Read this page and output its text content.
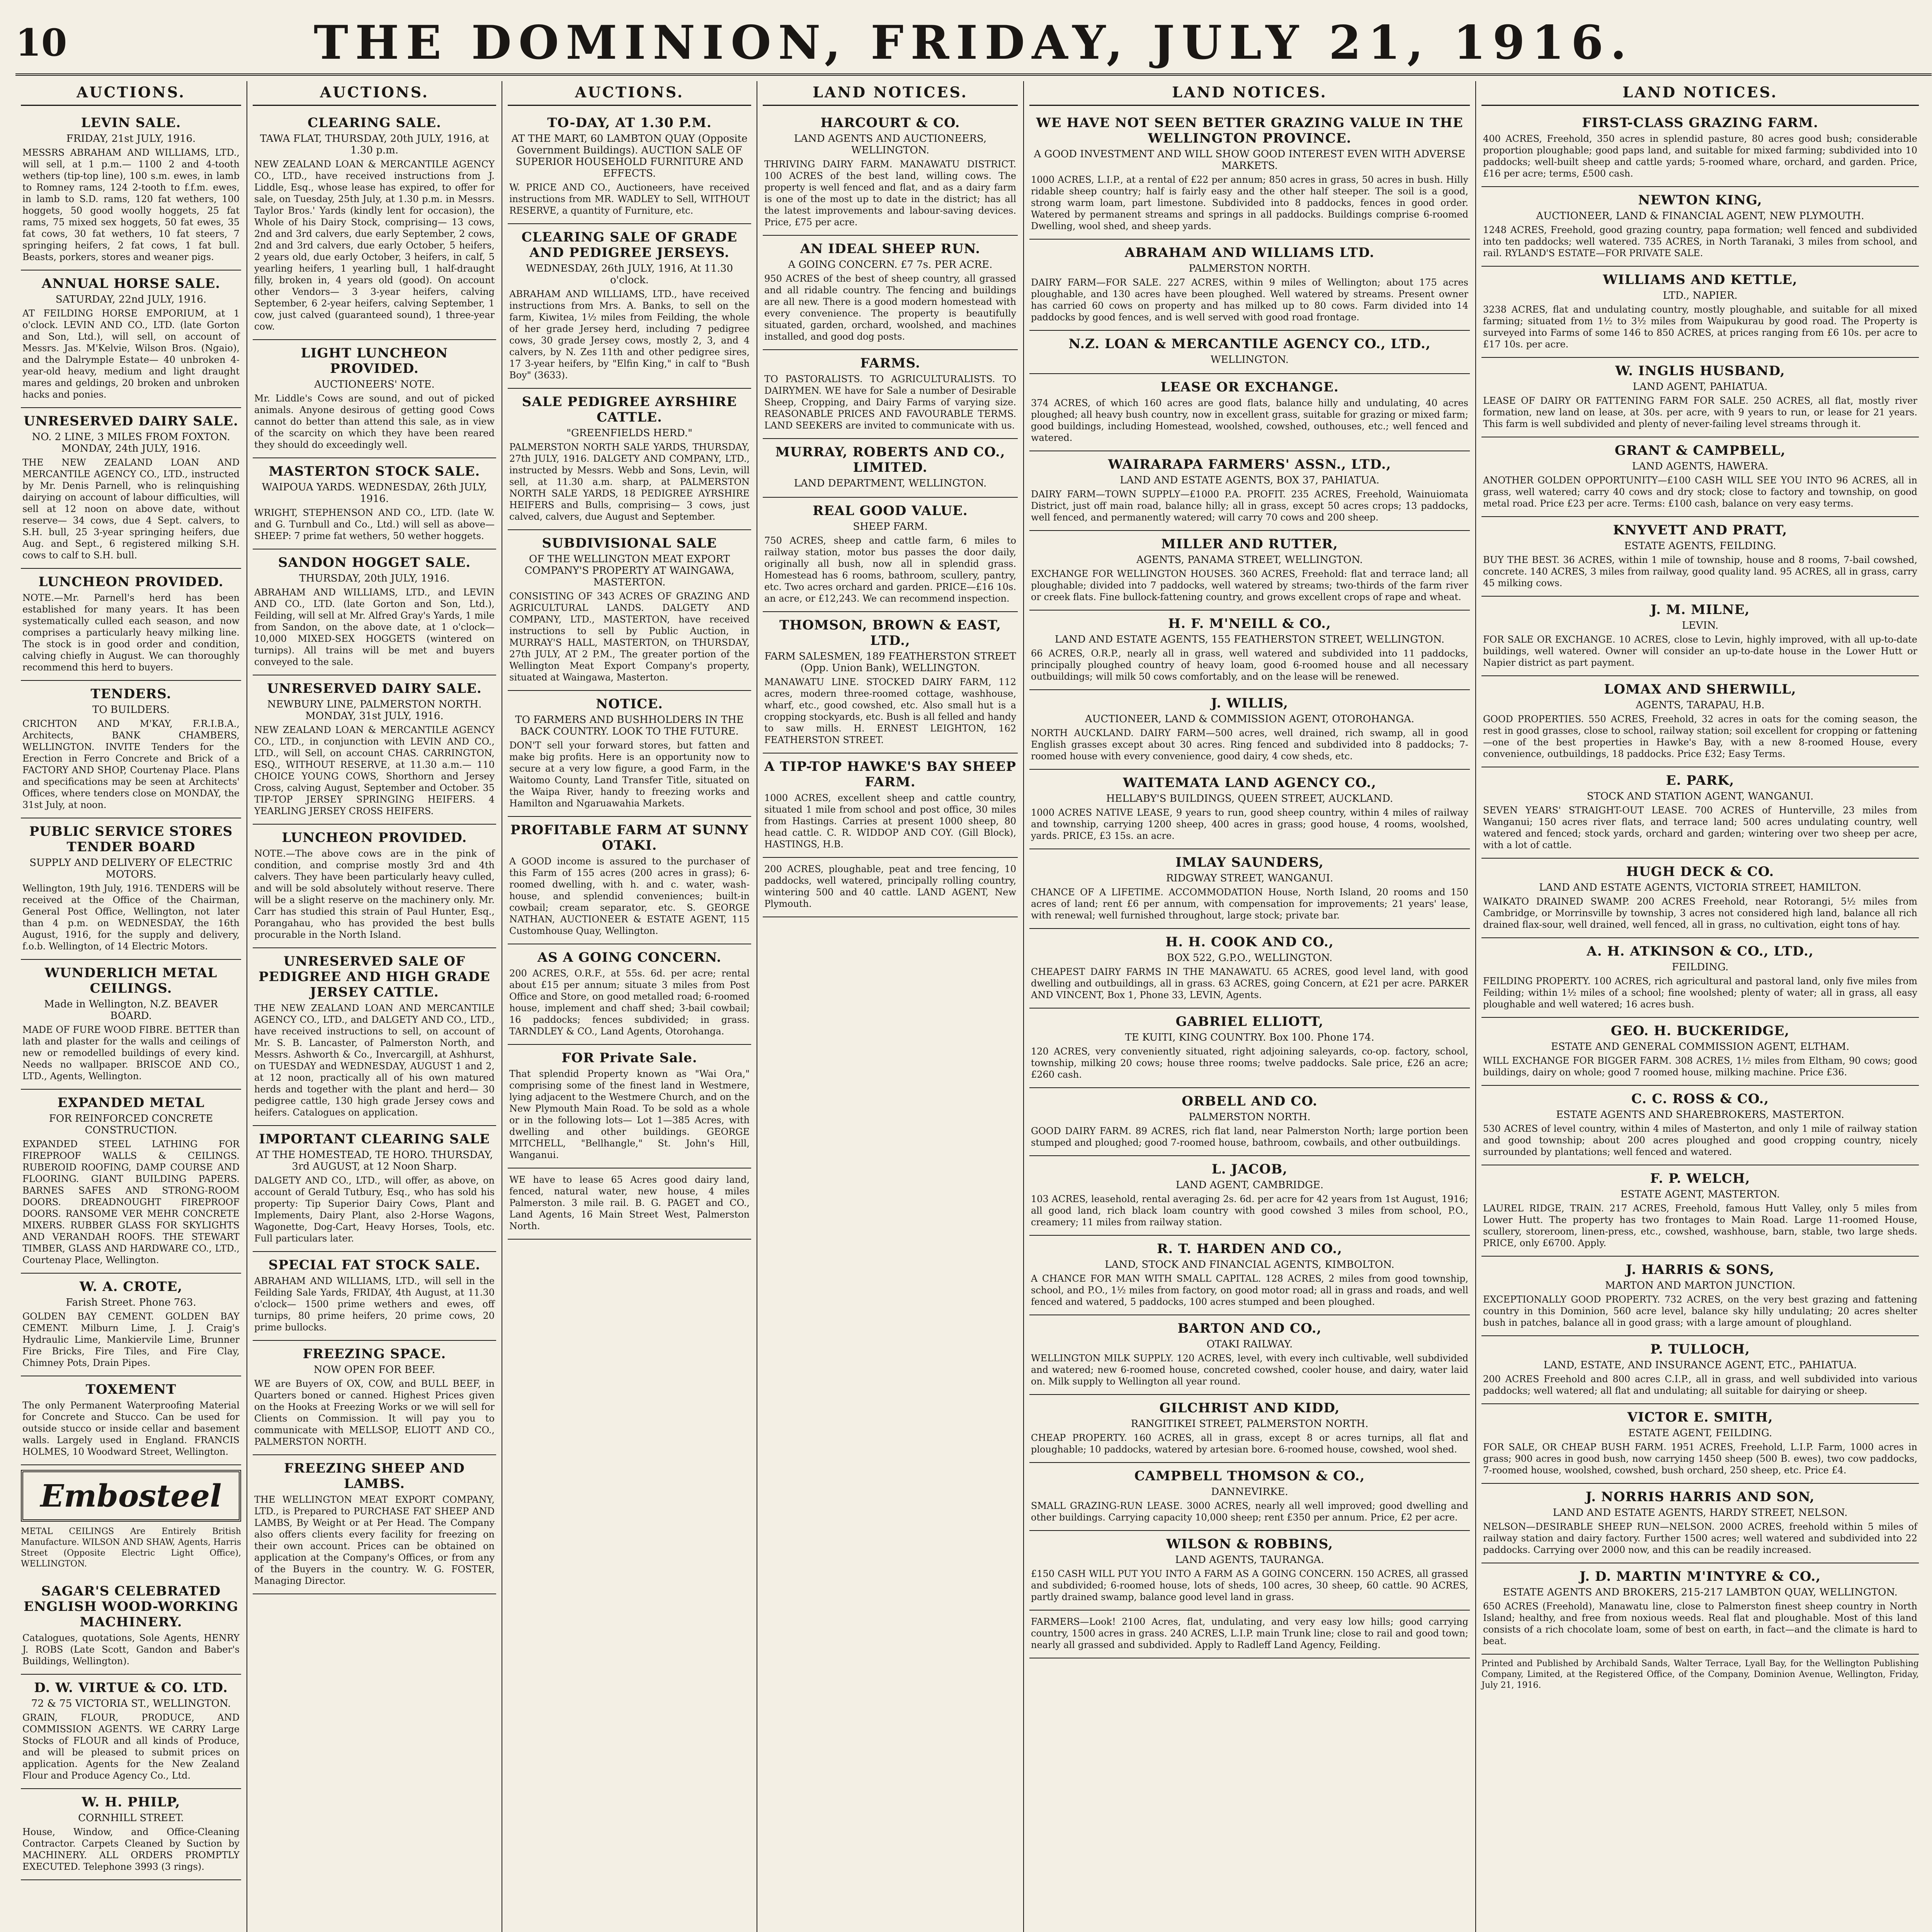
10	THE DOMINION, FRIDAY, JULY 21, 1916.
AUCTIONS.
LEVIN SALE.
FRIDAY, 21st JULY, 1916.

MESSRS ABRAHAM AND WILLIAMS, LTD., will sell, at 1 p.m.— 1100 2 and 4-tooth wethers (tip-top line), 100 s.m. ewes, in lamb to Romney rams, 124 2-tooth to f.f.m. ewes, in lamb to S.D. rams, 120 fat wethers, 100 hoggets, 50 good woolly hoggets, 25 fat rams, 75 mixed sex hoggets, 50 fat ewes, 35 fat cows, 30 fat wethers, 10 fat steers, 7 springing heifers, 2 fat cows, 1 fat bull. Beasts, porkers, stores and weaner pigs.

ANNUAL HORSE SALE.
SATURDAY, 22nd JULY, 1916.

AT FEILDING HORSE EMPORIUM, at 1 o'clock. LEVIN AND CO., LTD. (late Gorton and Son, Ltd.), will sell, on account of Messrs. Jas. M'Kelvie, Wilson Bros. (Ngaio), and the Dalrymple Estate— 40 unbroken 4-year-old heavy, medium and light draught mares and geldings, 20 broken and unbroken hacks and ponies.

UNRESERVED DAIRY SALE.
NO. 2 LINE, 3 MILES FROM FOXTON. MONDAY, 24th JULY, 1916.

THE NEW ZEALAND LOAN AND MERCANTILE AGENCY CO., LTD., instructed by Mr. Denis Parnell, who is relinquishing dairying on account of labour difficulties, will sell at 12 noon on above date, without reserve— 34 cows, due 4 Sept. calvers, to S.H. bull, 25 3-year springing heifers, due Aug. and Sept., 6 registered milking S.H. cows to calf to S.H. bull.

LUNCHEON PROVIDED.

NOTE.—Mr. Parnell's herd has been established for many years. It has been systematically culled each season, and now comprises a particularly heavy milking line. The stock is in good order and condition, calving chiefly in August. We can thoroughly recommend this herd to buyers.

TENDERS.
TO BUILDERS.

CRICHTON AND M'KAY, F.R.I.B.A., Architects, BANK CHAMBERS, WELLINGTON. INVITE Tenders for the Erection in Ferro Concrete and Brick of a FACTORY AND SHOP, Courtenay Place. Plans and specifications may be seen at Architects' Offices, where tenders close on MONDAY, the 31st July, at noon.

PUBLIC SERVICE STORES TENDER BOARD
SUPPLY AND DELIVERY OF ELECTRIC MOTORS.

Wellington, 19th July, 1916. TENDERS will be received at the Office of the Chairman, General Post Office, Wellington, not later than 4 p.m. on WEDNESDAY, the 16th August, 1916, for the supply and delivery, f.o.b. Wellington, of 14 Electric Motors.

WUNDERLICH METAL CEILINGS.
Made in Wellington, N.Z. BEAVER BOARD.

MADE OF FURE WOOD FIBRE. BETTER than lath and plaster for the walls and ceilings of new or remodelled buildings of every kind. Needs no wallpaper. BRISCOE AND CO., LTD., Agents, Wellington.

EXPANDED METAL
FOR REINFORCED CONCRETE CONSTRUCTION.

EXPANDED STEEL LATHING FOR FIREPROOF WALLS & CEILINGS. RUBEROID ROOFING, DAMP COURSE AND FLOORING. GIANT BUILDING PAPERS. BARNES SAFES AND STRONG-ROOM DOORS. DREADNOUGHT FIREPROOF DOORS. RANSOME VER MEHR CONCRETE MIXERS. RUBBER GLASS FOR SKYLIGHTS AND VERANDAH ROOFS. THE STEWART TIMBER, GLASS AND HARDWARE CO., LTD., Courtenay Place, Wellington.

W. A. CROTE,
Farish Street. Phone 763.

GOLDEN BAY CEMENT. GOLDEN BAY CEMENT. Milburn Lime, J. J. Craig's Hydraulic Lime, Mankiervile Lime, Brunner Fire Bricks, Fire Tiles, and Fire Clay, Chimney Pots, Drain Pipes.

TOXEMENT

The only Permanent Waterproofing Material for Concrete and Stucco. Can be used for outside stucco or inside cellar and basement walls. Largely used in England. FRANCIS HOLMES, 10 Woodward Street, Wellington.

Embosteel

METAL CEILINGS Are Entirely British Manufacture. WILSON AND SHAW, Agents, Harris Street (Opposite Electric Light Office), WELLINGTON.

SAGAR'S CELEBRATED ENGLISH WOOD-WORKING MACHINERY.

Catalogues, quotations, Sole Agents, HENRY J. ROBS (Late Scott, Gandon and Baber's Buildings, Wellington).

D. W. VIRTUE & CO. LTD.
72 & 75 VICTORIA ST., WELLINGTON.

GRAIN, FLOUR, PRODUCE, AND COMMISSION AGENTS. WE CARRY Large Stocks of FLOUR and all kinds of Produce, and will be pleased to submit prices on application. Agents for the New Zealand Flour and Produce Agency Co., Ltd.

W. H. PHILP,
CORNHILL STREET.

House, Window, and Office-Cleaning Contractor. Carpets Cleaned by Suction by MACHINERY. ALL ORDERS PROMPTLY EXECUTED. Telephone 3993 (3 rings).

AUCTIONS.
CLEARING SALE.
TAWA FLAT, THURSDAY, 20th JULY, 1916, at 1.30 p.m.

NEW ZEALAND LOAN & MERCANTILE AGENCY CO., LTD., have received instructions from J. Liddle, Esq., whose lease has expired, to offer for sale, on Tuesday, 25th July, at 1.30 p.m. in Messrs. Taylor Bros.' Yards (kindly lent for occasion), the Whole of his Dairy Stock, comprising— 13 cows, 2nd and 3rd calvers, due early September, 2 cows, 2nd and 3rd calvers, due early October, 5 heifers, 2 years old, due early October, 3 heifers, in calf, 5 yearling heifers, 1 yearling bull, 1 half-draught filly, broken in, 4 years old (good). On account other Vendors— 3 3-year heifers, calving September, 6 2-year heifers, calving September, 1 cow, just calved (guaranteed sound), 1 three-year cow.

LIGHT LUNCHEON PROVIDED.
AUCTIONEERS' NOTE.

Mr. Liddle's Cows are sound, and out of picked animals. Anyone desirous of getting good Cows cannot do better than attend this sale, as in view of the scarcity on which they have been reared they should do exceedingly well.

MASTERTON STOCK SALE.
WAIPOUA YARDS. WEDNESDAY, 26th JULY, 1916.

WRIGHT, STEPHENSON AND CO., LTD. (late W. and G. Turnbull and Co., Ltd.) will sell as above— SHEEP: 7 prime fat wethers, 50 wether hoggets.

SANDON HOGGET SALE.
THURSDAY, 20th JULY, 1916.

ABRAHAM AND WILLIAMS, LTD., and LEVIN AND CO., LTD. (late Gorton and Son, Ltd.), Feilding, will sell at Mr. Alfred Gray's Yards, 1 mile from Sandon, on the above date, at 1 o'clock— 10,000 MIXED-SEX HOGGETS (wintered on turnips). All trains will be met and buyers conveyed to the sale.

UNRESERVED DAIRY SALE.
NEWBURY LINE, PALMERSTON NORTH. MONDAY, 31st JULY, 1916.

NEW ZEALAND LOAN & MERCANTILE AGENCY CO., LTD., in conjunction with LEVIN AND CO., LTD., will Sell, on account CHAS. CARRINGTON, ESQ., WITHOUT RESERVE, at 11.30 a.m.— 110 CHOICE YOUNG COWS, Shorthorn and Jersey Cross, calving August, September and October. 35 TIP-TOP JERSEY SPRINGING HEIFERS. 4 YEARLING JERSEY CROSS HEIFERS.

LUNCHEON PROVIDED.

NOTE.—The above cows are in the pink of condition, and comprise mostly 3rd and 4th calvers. They have been particularly heavy culled, and will be sold absolutely without reserve. There will be a slight reserve on the machinery only. Mr. Carr has studied this strain of Paul Hunter, Esq., Porangahau, who has provided the best bulls procurable in the North Island.

UNRESERVED SALE OF PEDIGREE AND HIGH GRADE JERSEY CATTLE.

THE NEW ZEALAND LOAN AND MERCANTILE AGENCY CO., LTD., and DALGETY AND CO., LTD., have received instructions to sell, on account of Mr. S. B. Lancaster, of Palmerston North, and Messrs. Ashworth & Co., Invercargill, at Ashhurst, on TUESDAY and WEDNESDAY, AUGUST 1 and 2, at 12 noon, practically all of his own matured herds and together with the plant and herd— 30 pedigree cattle, 130 high grade Jersey cows and heifers. Catalogues on application.

IMPORTANT CLEARING SALE
AT THE HOMESTEAD, TE HORO. THURSDAY, 3rd AUGUST, at 12 Noon Sharp.

DALGETY AND CO., LTD., will offer, as above, on account of Gerald Tutbury, Esq., who has sold his property: Tip Superior Dairy Cows, Plant and Implements, Dairy Plant, also 2-Horse Wagons, Wagonette, Dog-Cart, Heavy Horses, Tools, etc. Full particulars later.

SPECIAL FAT STOCK SALE.

ABRAHAM AND WILLIAMS, LTD., will sell in the Feilding Sale Yards, FRIDAY, 4th August, at 11.30 o'clock— 1500 prime wethers and ewes, off turnips, 80 prime heifers, 20 prime cows, 20 prime bullocks.

FREEZING SPACE.
NOW OPEN FOR BEEF.

WE are Buyers of OX, COW, and BULL BEEF, in Quarters boned or canned. Highest Prices given on the Hooks at Freezing Works or we will sell for Clients on Commission. It will pay you to communicate with MELLSOP, ELIOTT AND CO., PALMERSTON NORTH.

FREEZING SHEEP AND LAMBS.

THE WELLINGTON MEAT EXPORT COMPANY, LTD., is Prepared to PURCHASE FAT SHEEP AND LAMBS, By Weight or at Per Head. The Company also offers clients every facility for freezing on their own account. Prices can be obtained on application at the Company's Offices, or from any of the Buyers in the country. W. G. FOSTER, Managing Director.

AUCTIONS.
TO-DAY, AT 1.30 P.M.
AT THE MART, 60 LAMBTON QUAY (Opposite Government Buildings). AUCTION SALE OF SUPERIOR HOUSEHOLD FURNITURE AND EFFECTS.

W. PRICE AND CO., Auctioneers, have received instructions from MR. WADLEY to Sell, WITHOUT RESERVE, a quantity of Furniture, etc.

CLEARING SALE OF GRADE AND PEDIGREE JERSEYS.
WEDNESDAY, 26th JULY, 1916, At 11.30 o'clock.

ABRAHAM AND WILLIAMS, LTD., have received instructions from Mrs. A. Banks, to sell on the farm, Kiwitea, 1½ miles from Feilding, the whole of her grade Jersey herd, including 7 pedigree cows, 30 grade Jersey cows, mostly 2, 3, and 4 calvers, by N. Zes 11th and other pedigree sires, 17 3-year heifers, by "Elfin King," in calf to "Bush Boy" (3633).

SALE PEDIGREE AYRSHIRE CATTLE.
"GREENFIELDS HERD."

PALMERSTON NORTH SALE YARDS, THURSDAY, 27th JULY, 1916. DALGETY AND COMPANY, LTD., instructed by Messrs. Webb and Sons, Levin, will sell, at 11.30 a.m. sharp, at PALMERSTON NORTH SALE YARDS, 18 PEDIGREE AYRSHIRE HEIFERS and Bulls, comprising— 3 cows, just calved, calvers, due August and September.

SUBDIVISIONAL SALE
OF THE WELLINGTON MEAT EXPORT COMPANY'S PROPERTY AT WAINGAWA, MASTERTON.

CONSISTING OF 343 ACRES OF GRAZING AND AGRICULTURAL LANDS. DALGETY AND COMPANY, LTD., MASTERTON, have received instructions to sell by Public Auction, in MURRAY'S HALL, MASTERTON, on THURSDAY, 27th JULY, AT 2 P.M., The greater portion of the Wellington Meat Export Company's property, situated at Waingawa, Masterton.

NOTICE.
TO FARMERS AND BUSHHOLDERS IN THE BACK COUNTRY. LOOK TO THE FUTURE.

DON'T sell your forward stores, but fatten and make big profits. Here is an opportunity now to secure at a very low figure, a good Farm, in the Waitomo County, Land Transfer Title, situated on the Waipa River, handy to freezing works and Hamilton and Ngaruawahia Markets.

PROFITABLE FARM AT SUNNY OTAKI.

A GOOD income is assured to the purchaser of this Farm of 155 acres (200 acres in grass); 6-roomed dwelling, with h. and c. water, wash-house, and splendid conveniences; built-in cowbail; cream separator, etc. S. GEORGE NATHAN, AUCTIONEER & ESTATE AGENT, 115 Customhouse Quay, Wellington.

AS A GOING CONCERN.

200 ACRES, O.R.F., at 55s. 6d. per acre; rental about £15 per annum; situate 3 miles from Post Office and Store, on good metalled road; 6-roomed house, implement and chaff shed; 3-bail cowbail; 16 paddocks; fences subdivided; in grass. TARNDLEY & CO., Land Agents, Otorohanga.

FOR Private Sale.

That splendid Property known as "Wai Ora," comprising some of the finest land in Westmere, lying adjacent to the Westmere Church, and on the New Plymouth Main Road. To be sold as a whole or in the following lots— Lot 1—385 Acres, with dwelling and other buildings. GEORGE MITCHELL, "Bellhangle," St. John's Hill, Wanganui.

WE have to lease 65 Acres good dairy land, fenced, natural water, new house, 4 miles Palmerston. 3 mile rail. B. G. PAGET and CO., Land Agents, 16 Main Street West, Palmerston North.

LAND NOTICES.
HARCOURT & CO.
LAND AGENTS AND AUCTIONEERS, WELLINGTON.

THRIVING DAIRY FARM. MANAWATU DISTRICT. 100 ACRES of the best land, willing cows. The property is well fenced and flat, and as a dairy farm is one of the most up to date in the district; has all the latest improvements and labour-saving devices. Price, £75 per acre.

AN IDEAL SHEEP RUN.
A GOING CONCERN. £7 7s. PER ACRE.

950 ACRES of the best of sheep country, all grassed and all ridable country. The fencing and buildings are all new. There is a good modern homestead with every convenience. The property is beautifully situated, garden, orchard, woolshed, and machines installed, and good dog posts.

FARMS.

TO PASTORALISTS. TO AGRICULTURALISTS. TO DAIRYMEN. WE have for Sale a number of Desirable Sheep, Cropping, and Dairy Farms of varying size. REASONABLE PRICES AND FAVOURABLE TERMS. LAND SEEKERS are invited to communicate with us.

MURRAY, ROBERTS AND CO., LIMITED.
LAND DEPARTMENT, WELLINGTON.
REAL GOOD VALUE.
SHEEP FARM.

750 ACRES, sheep and cattle farm, 6 miles to railway station, motor bus passes the door daily, originally all bush, now all in splendid grass. Homestead has 6 rooms, bathroom, scullery, pantry, etc. Two acres orchard and garden. PRICE—£16 10s. an acre, or £12,243. We can recommend inspection.

THOMSON, BROWN & EAST, LTD.,
FARM SALESMEN, 189 FEATHERSTON STREET (Opp. Union Bank), WELLINGTON.

MANAWATU LINE. STOCKED DAIRY FARM, 112 acres, modern three-roomed cottage, washhouse, wharf, etc., good cowshed, etc. Also small hut is a cropping stockyards, etc. Bush is all felled and handy to saw mills. H. ERNEST LEIGHTON, 162 FEATHERSTON STREET.

A TIP-TOP HAWKE'S BAY SHEEP FARM.

1000 ACRES, excellent sheep and cattle country, situated 1 mile from school and post office, 30 miles from Hastings. Carries at present 1000 sheep, 80 head cattle. C. R. WIDDOP AND COY. (Gill Block), HASTINGS, H.B.

200 ACRES, ploughable, peat and tree fencing, 10 paddocks, well watered, principally rolling country, wintering 500 and 40 cattle. LAND AGENT, New Plymouth.

LAND NOTICES.
WE HAVE NOT SEEN BETTER GRAZING VALUE IN THE WELLINGTON PROVINCE.
A GOOD INVESTMENT AND WILL SHOW GOOD INTEREST EVEN WITH ADVERSE MARKETS.

1000 ACRES, L.I.P., at a rental of £22 per annum; 850 acres in grass, 50 acres in bush. Hilly ridable sheep country; half is fairly easy and the other half steeper. The soil is a good, strong warm loam, part limestone. Subdivided into 8 paddocks, fences in good order. Watered by permanent streams and springs in all paddocks. Buildings comprise 6-roomed Dwelling, wool shed, and sheep yards.

ABRAHAM AND WILLIAMS LTD.
PALMERSTON NORTH.

DAIRY FARM—FOR SALE. 227 ACRES, within 9 miles of Wellington; about 175 acres ploughable, and 130 acres have been ploughed. Well watered by streams. Present owner has carried 60 cows on property and has milked up to 80 cows. Farm divided into 14 paddocks by good fences, and is well served with good road frontage.

N.Z. LOAN & MERCANTILE AGENCY CO., LTD.,
WELLINGTON.
LEASE OR EXCHANGE.

374 ACRES, of which 160 acres are good flats, balance hilly and undulating, 40 acres ploughed; all heavy bush country, now in excellent grass, suitable for grazing or mixed farm; good buildings, including Homestead, woolshed, cowshed, outhouses, etc.; well fenced and watered.

WAIRARAPA FARMERS' ASSN., LTD.,
LAND AND ESTATE AGENTS, BOX 37, PAHIATUA.

DAIRY FARM—TOWN SUPPLY—£1000 P.A. PROFIT. 235 ACRES, Freehold, Wainuiomata District, just off main road, balance hilly; all in grass, except 50 acres crops; 13 paddocks, well fenced, and permanently watered; will carry 70 cows and 200 sheep.

MILLER AND RUTTER,
AGENTS, PANAMA STREET, WELLINGTON.

EXCHANGE FOR WELLINGTON HOUSES. 360 ACRES, Freehold: flat and terrace land; all ploughable; divided into 7 paddocks, well watered by streams; two-thirds of the farm river or creek flats. Fine bullock-fattening country, and grows excellent crops of rape and wheat.

H. F. M'NEILL & CO.,
LAND AND ESTATE AGENTS, 155 FEATHERSTON STREET, WELLINGTON.

66 ACRES, O.R.P., nearly all in grass, well watered and subdivided into 11 paddocks, principally ploughed country of heavy loam, good 6-roomed house and all necessary outbuildings; will milk 50 cows comfortably, and on the lease will be renewed.

J. WILLIS,
AUCTIONEER, LAND & COMMISSION AGENT, OTOROHANGA.

NORTH AUCKLAND. DAIRY FARM—500 acres, well drained, rich swamp, all in good English grasses except about 30 acres. Ring fenced and subdivided into 8 paddocks; 7-roomed house with every convenience, good dairy, 4 cow sheds, etc.

WAITEMATA LAND AGENCY CO.,
HELLABY'S BUILDINGS, QUEEN STREET, AUCKLAND.

1000 ACRES NATIVE LEASE, 9 years to run, good sheep country, within 4 miles of railway and township, carrying 1200 sheep, 400 acres in grass; good house, 4 rooms, woolshed, yards. PRICE, £3 15s. an acre.

IMLAY SAUNDERS,
RIDGWAY STREET, WANGANUI.

CHANCE OF A LIFETIME. ACCOMMODATION House, North Island, 20 rooms and 150 acres of land; rent £6 per annum, with compensation for improvements; 21 years' lease, with renewal; well furnished throughout, large stock; private bar.

H. H. COOK AND CO.,
BOX 522, G.P.O., WELLINGTON.

CHEAPEST DAIRY FARMS IN THE MANAWATU. 65 ACRES, good level land, with good dwelling and outbuildings, all in grass. 63 ACRES, going Concern, at £21 per acre. PARKER AND VINCENT, Box 1, Phone 33, LEVIN, Agents.

GABRIEL ELLIOTT,
TE KUITI, KING COUNTRY. Box 100. Phone 174.

120 ACRES, very conveniently situated, right adjoining saleyards, co-op. factory, school, township, milking 20 cows; house three rooms; twelve paddocks. Sale price, £26 an acre; £260 cash.

ORBELL AND CO.
PALMERSTON NORTH.

GOOD DAIRY FARM. 89 ACRES, rich flat land, near Palmerston North; large portion been stumped and ploughed; good 7-roomed house, bathroom, cowbails, and other outbuildings.

L. JACOB,
LAND AGENT, CAMBRIDGE.

103 ACRES, leasehold, rental averaging 2s. 6d. per acre for 42 years from 1st August, 1916; all good land, rich black loam country with good cowshed 3 miles from school, P.O., creamery; 11 miles from railway station.

R. T. HARDEN AND CO.,
LAND, STOCK AND FINANCIAL AGENTS, KIMBOLTON.

A CHANCE FOR MAN WITH SMALL CAPITAL. 128 ACRES, 2 miles from good township, school, and P.O., 1½ miles from factory, on good motor road; all in grass and roads, and well fenced and watered, 5 paddocks, 100 acres stumped and been ploughed.

BARTON AND CO.,
OTAKI RAILWAY.

WELLINGTON MILK SUPPLY. 120 ACRES, level, with every inch cultivable, well subdivided and watered; new 6-roomed house, concreted cowshed, cooler house, and dairy, water laid on. Milk supply to Wellington all year round.

GILCHRIST AND KIDD,
RANGITIKEI STREET, PALMERSTON NORTH.

CHEAP PROPERTY. 160 ACRES, all in grass, except 8 or acres turnips, all flat and ploughable; 10 paddocks, watered by artesian bore. 6-roomed house, cowshed, wool shed.

CAMPBELL THOMSON & CO.,
DANNEVIRKE.

SMALL GRAZING-RUN LEASE. 3000 ACRES, nearly all well improved; good dwelling and other buildings. Carrying capacity 10,000 sheep; rent £350 per annum. Price, £2 per acre.

WILSON & ROBBINS,
LAND AGENTS, TAURANGA.

£150 CASH WILL PUT YOU INTO A FARM AS A GOING CONCERN. 150 ACRES, all grassed and subdivided; 6-roomed house, lots of sheds, 100 acres, 30 sheep, 60 cattle. 90 ACRES, partly drained swamp, balance good level land in grass.

FARMERS—Look! 2100 Acres, flat, undulating, and very easy low hills; good carrying country, 1500 acres in grass. 240 ACRES, L.I.P. main Trunk line; close to rail and good town; nearly all grassed and subdivided. Apply to Radleff Land Agency, Feilding.

LAND NOTICES.
FIRST-CLASS GRAZING FARM.

400 ACRES, Freehold, 350 acres in splendid pasture, 80 acres good bush; considerable proportion ploughable; good paps land, and suitable for mixed farming; subdivided into 10 paddocks; well-built sheep and cattle yards; 5-roomed whare, orchard, and garden. Price, £16 per acre; terms, £500 cash.

NEWTON KING,
AUCTIONEER, LAND & FINANCIAL AGENT, NEW PLYMOUTH.

1248 ACRES, Freehold, good grazing country, papa formation; well fenced and subdivided into ten paddocks; well watered. 735 ACRES, in North Taranaki, 3 miles from school, and rail. RYLAND'S ESTATE—FOR PRIVATE SALE.

WILLIAMS AND KETTLE,
LTD., NAPIER.

3238 ACRES, flat and undulating country, mostly ploughable, and suitable for all mixed farming; situated from 1½ to 3½ miles from Waipukurau by good road. The Property is surveyed into Farms of some 146 to 850 ACRES, at prices ranging from £6 10s. per acre to £17 10s. per acre.

W. INGLIS HUSBAND,
LAND AGENT, PAHIATUA.

LEASE OF DAIRY OR FATTENING FARM FOR SALE. 250 ACRES, all flat, mostly river formation, new land on lease, at 30s. per acre, with 9 years to run, or lease for 21 years. This farm is well subdivided and plenty of never-failing level streams through it.

GRANT & CAMPBELL,
LAND AGENTS, HAWERA.

ANOTHER GOLDEN OPPORTUNITY—£100 CASH WILL SEE YOU INTO 96 ACRES, all in grass, well watered; carry 40 cows and dry stock; close to factory and township, on good metal road. Price £23 per acre. Terms: £100 cash, balance on very easy terms.

KNYVETT AND PRATT,
ESTATE AGENTS, FEILDING.

BUY THE BEST. 36 ACRES, within 1 mile of township, house and 8 rooms, 7-bail cowshed, concrete. 140 ACRES, 3 miles from railway, good quality land. 95 ACRES, all in grass, carry 45 milking cows.

J. M. MILNE,
LEVIN.

FOR SALE OR EXCHANGE. 10 ACRES, close to Levin, highly improved, with all up-to-date buildings, well watered. Owner will consider an up-to-date house in the Lower Hutt or Napier district as part payment.

LOMAX AND SHERWILL,
AGENTS, TARAPAU, H.B.

GOOD PROPERTIES. 550 ACRES, Freehold, 32 acres in oats for the coming season, the rest in good grasses, close to school, railway station; soil excellent for cropping or fattening—one of the best properties in Hawke's Bay, with a new 8-roomed House, every convenience, outbuildings, 18 paddocks. Price £32; Easy Terms.

E. PARK,
STOCK AND STATION AGENT, WANGANUI.

SEVEN YEARS' STRAIGHT-OUT LEASE. 700 ACRES of Hunterville, 23 miles from Wanganui; 150 acres river flats, and terrace land; 500 acres undulating country, well watered and fenced; stock yards, orchard and garden; wintering over two sheep per acre, with a lot of cattle.

HUGH DECK & CO.
LAND AND ESTATE AGENTS, VICTORIA STREET, HAMILTON.

WAIKATO DRAINED SWAMP. 200 ACRES Freehold, near Rotorangi, 5½ miles from Cambridge, or Morrinsville by township, 3 acres not considered high land, balance all rich drained flax-sour, well drained, well fenced, all in grass, no cultivation, eight tons of hay.

A. H. ATKINSON & CO., LTD.,
FEILDING.

FEILDING PROPERTY. 100 ACRES, rich agricultural and pastoral land, only five miles from Feilding; within 1½ miles of a school; fine woolshed; plenty of water; all in grass, all easy ploughable and well watered; 16 acres bush.

GEO. H. BUCKERIDGE,
ESTATE AND GENERAL COMMISSION AGENT, ELTHAM.

WILL EXCHANGE FOR BIGGER FARM. 308 ACRES, 1½ miles from Eltham, 90 cows; good buildings, dairy on whole; good 7 roomed house, milking machine. Price £36.

C. C. ROSS & CO.,
ESTATE AGENTS AND SHAREBROKERS, MASTERTON.

530 ACRES of level country, within 4 miles of Masterton, and only 1 mile of railway station and good township; about 200 acres ploughed and good cropping country, nicely surrounded by plantations; well fenced and watered.

F. P. WELCH,
ESTATE AGENT, MASTERTON.

LAUREL RIDGE, TRAIN. 217 ACRES, Freehold, famous Hutt Valley, only 5 miles from Lower Hutt. The property has two frontages to Main Road. Large 11-roomed House, scullery, storeroom, linen-press, etc., cowshed, washhouse, barn, stable, two large sheds. PRICE, only £6700. Apply.

J. HARRIS & SONS,
MARTON AND MARTON JUNCTION.

EXCEPTIONALLY GOOD PROPERTY. 732 ACRES, on the very best grazing and fattening country in this Dominion, 560 acre level, balance sky hilly undulating; 20 acres shelter bush in patches, balance all in good grass; with a large amount of ploughland.

P. TULLOCH,
LAND, ESTATE, AND INSURANCE AGENT, ETC., PAHIATUA.

200 ACRES Freehold and 800 acres C.I.P., all in grass, and well subdivided into various paddocks; well watered; all flat and undulating; all suitable for dairying or sheep.

VICTOR E. SMITH,
ESTATE AGENT, FEILDING.

FOR SALE, OR CHEAP BUSH FARM. 1951 ACRES, Freehold, L.I.P. Farm, 1000 acres in grass; 900 acres in good bush, now carrying 1450 sheep (500 B. ewes), two cow paddocks, 7-roomed house, woolshed, cowshed, bush orchard, 250 sheep, etc. Price £4.

J. NORRIS HARRIS AND SON,
LAND AND ESTATE AGENTS, HARDY STREET, NELSON.

NELSON—DESIRABLE SHEEP RUN—NELSON. 2000 ACRES, freehold within 5 miles of railway station and dairy factory. Further 1500 acres; well watered and subdivided into 22 paddocks. Carrying over 2000 now, and this can be readily increased.

J. D. MARTIN M'INTYRE & CO.,
ESTATE AGENTS AND BROKERS, 215-217 LAMBTON QUAY, WELLINGTON.

650 ACRES (Freehold), Manawatu line, close to Palmerston finest sheep country in North Island; healthy, and free from noxious weeds. Real flat and ploughable. Most of this land consists of a rich chocolate loam, some of best on earth, in fact—and the climate is hard to beat.

Printed and Published by Archibald Sands, Walter Terrace, Lyall Bay, for the Wellington Publishing Company, Limited, at the Registered Office, of the Company, Dominion Avenue, Wellington, Friday, July 21, 1916.
